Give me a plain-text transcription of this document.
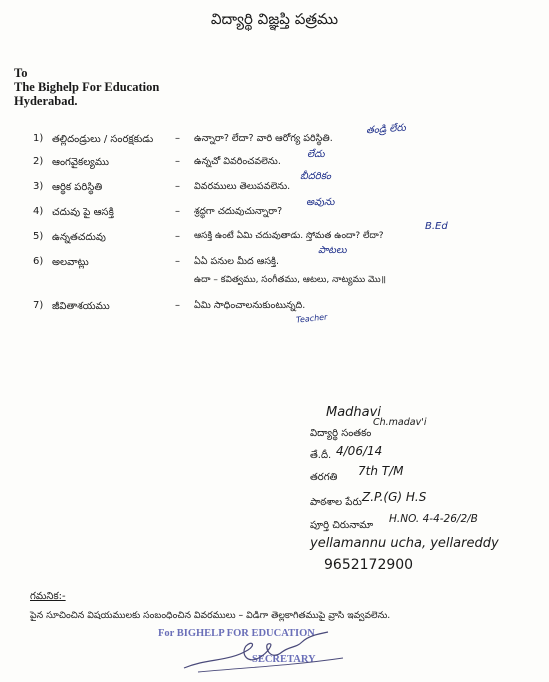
విద్యార్థి విజ్ఞప్తి పత్రము
To
The Bighelp For Education
Hyderabad.
1) తల్లిదండ్రులు / సంరక్షకుడు – ఉన్నారా? లేదా? వారి ఆరోగ్య పరిస్థితి.
తండ్రి లేరు
2) ఆంగవైకల్యము	– ఉన్నచో వివరించవలెను.
లేదు
3) ఆర్థిక పరిస్థితి	– వివరములు తెలుపవలెను.
బీదరికం
4) చదువు పై ఆసక్తి	– శ్రద్ధగా చదువుచున్నారా?
అవును
5) ఉన్నతచదువు	– ఆసక్తి ఉంటే ఏమి చదువుతాడు. స్తోమత ఉందా? లేదా?
B.Ed
6) అలవాట్లు	– ఏఏ పనుల మీద ఆసక్తి.
పాటలు
ఉదా – కవిత్వము, సంగీతము, ఆటలు, నాట్యము మొ॥
7) జీవితాశయము	– ఏమి సాధించాలనుకుంటున్నది.
Teacher
Madhavi
విద్యార్థి సంతకం
Ch.madav'i
తే.దీ. 4/06/14
తరగతి 7th T/M
పాఠశాల పేరు Z.P.(G) H.S
పూర్తి చిరునామా
H.NO. 4-4-26/2/B
yellamannu ucha, yellareddy
9652172900
గమనిక:-
పైన సూచించిన విషయములకు సంబంధించిన వివరములు – విడిగా తెల్లకాగితముపై వ్రాసి ఇవ్వవలెను.
For BIGHELP FOR EDUCATION
SECRETARY
